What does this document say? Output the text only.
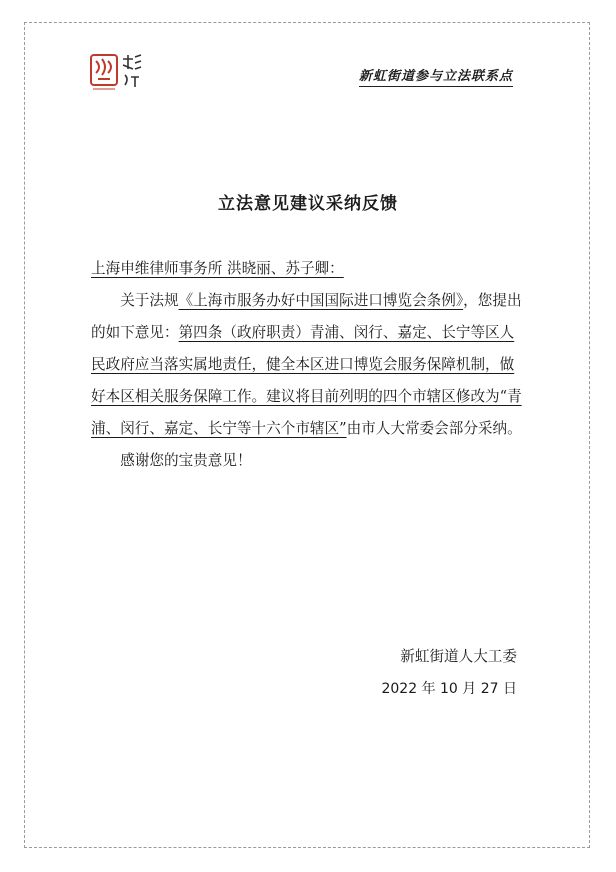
新虹街道参与立法联系点
立法意见建议采纳反馈

上海申维律师事务所 洪晓丽、苏子卿：

关于法规《上海市服务办好中国国际进口博览会条例》，您提出的如下意见：第四条（政府职责）青浦、闵行、嘉定、长宁等区人民政府应当落实属地责任，健全本区进口博览会服务保障机制，做好本区相关服务保障工作。建议将目前列明的四个市辖区修改为“青浦、闵行、嘉定、长宁等十六个市辖区”由市人大常委会部分采纳。

感谢您的宝贵意见！

新虹街道人大工委
2022 年 10 月 27 日
